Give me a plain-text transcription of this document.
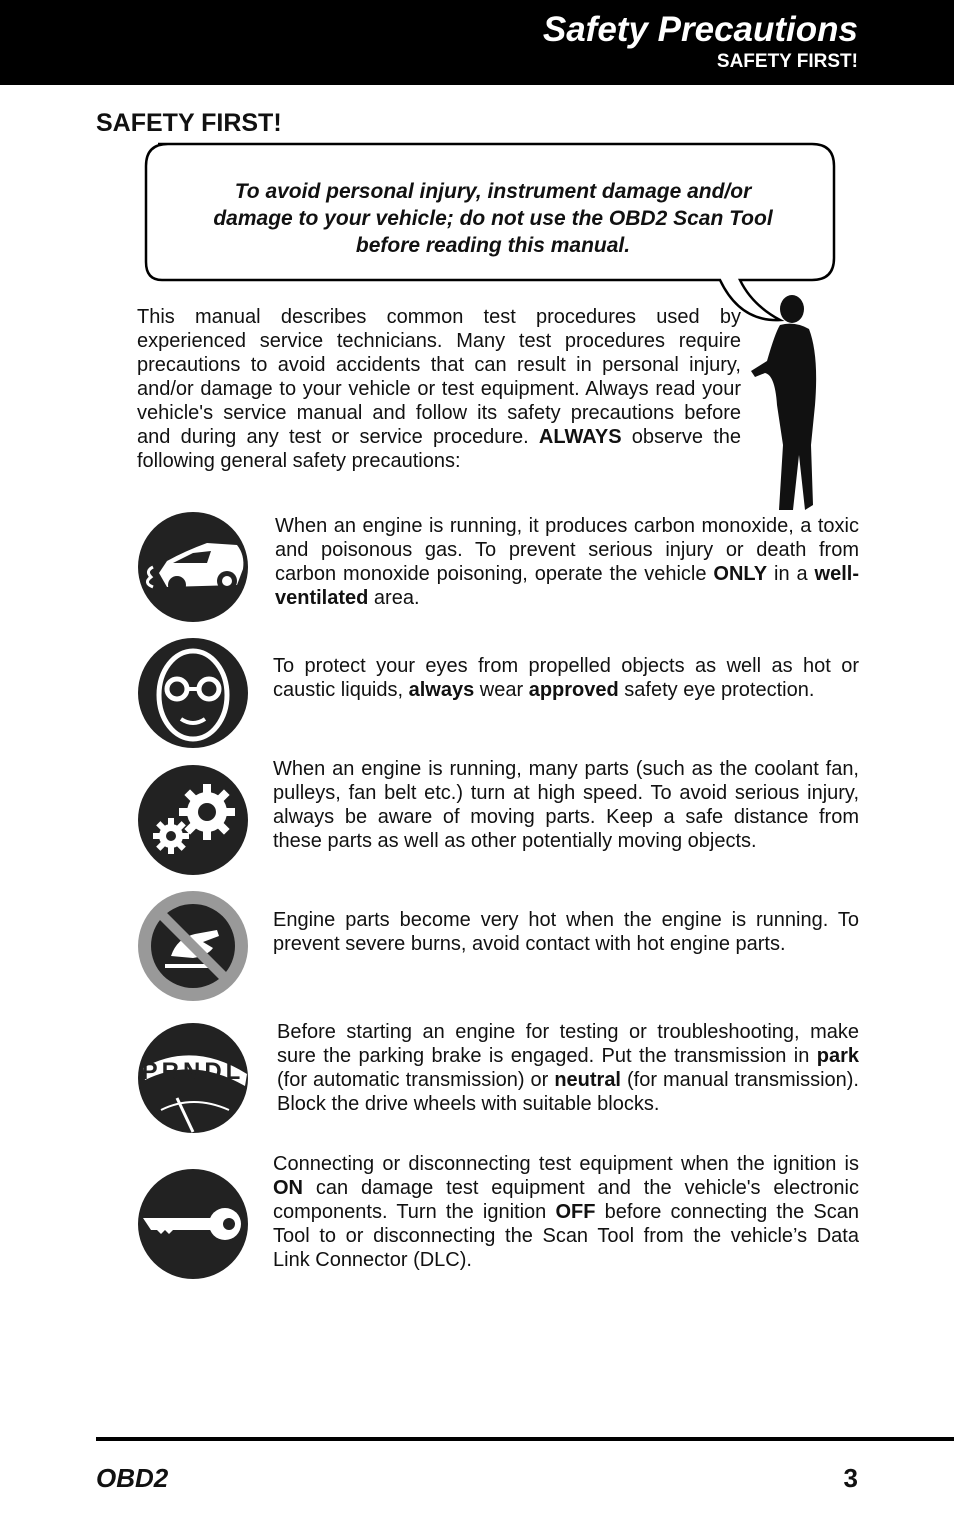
Safety Precautions
SAFETY FIRST!
SAFETY FIRST!
To avoid personal injury, instrument damage and/or
damage to your vehicle; do not use the OBD2 Scan Tool
before reading this manual.
This manual describes common test procedures used by experienced service technicians. Many test procedures require precautions to avoid accidents that can result in personal injury, and/or damage to your vehicle or test equipment. Always read your vehicle's service manual and follow its safety precautions before and during any test or service procedure. ALWAYS observe the following general safety precautions:
When an engine is running, it produces carbon monoxide, a toxic and poisonous gas. To prevent serious injury or death from carbon monoxide poisoning, operate the vehicle ONLY in a well-ventilated area.
To protect your eyes from propelled objects as well as hot or caustic liquids, always wear approved safety eye protection.
When an engine is running, many parts (such as the coolant fan, pulleys, fan belt etc.) turn at high speed. To avoid serious injury, always be aware of moving parts. Keep a safe distance from these parts as well as other potentially moving objects.
Engine parts become very hot when the engine is running. To prevent severe burns, avoid contact with hot engine parts.
PRNDL
Before starting an engine for testing or troubleshooting, make sure the parking brake is engaged. Put the transmission in park (for automatic transmission) or neutral (for manual transmission). Block the drive wheels with suitable blocks.
Connecting or disconnecting test equipment when the ignition is ON can damage test equipment and the vehicle's electronic components. Turn the ignition OFF before connecting the Scan Tool to or disconnecting the Scan Tool from the vehicle’s Data Link Connector (DLC).
OBD2	3
